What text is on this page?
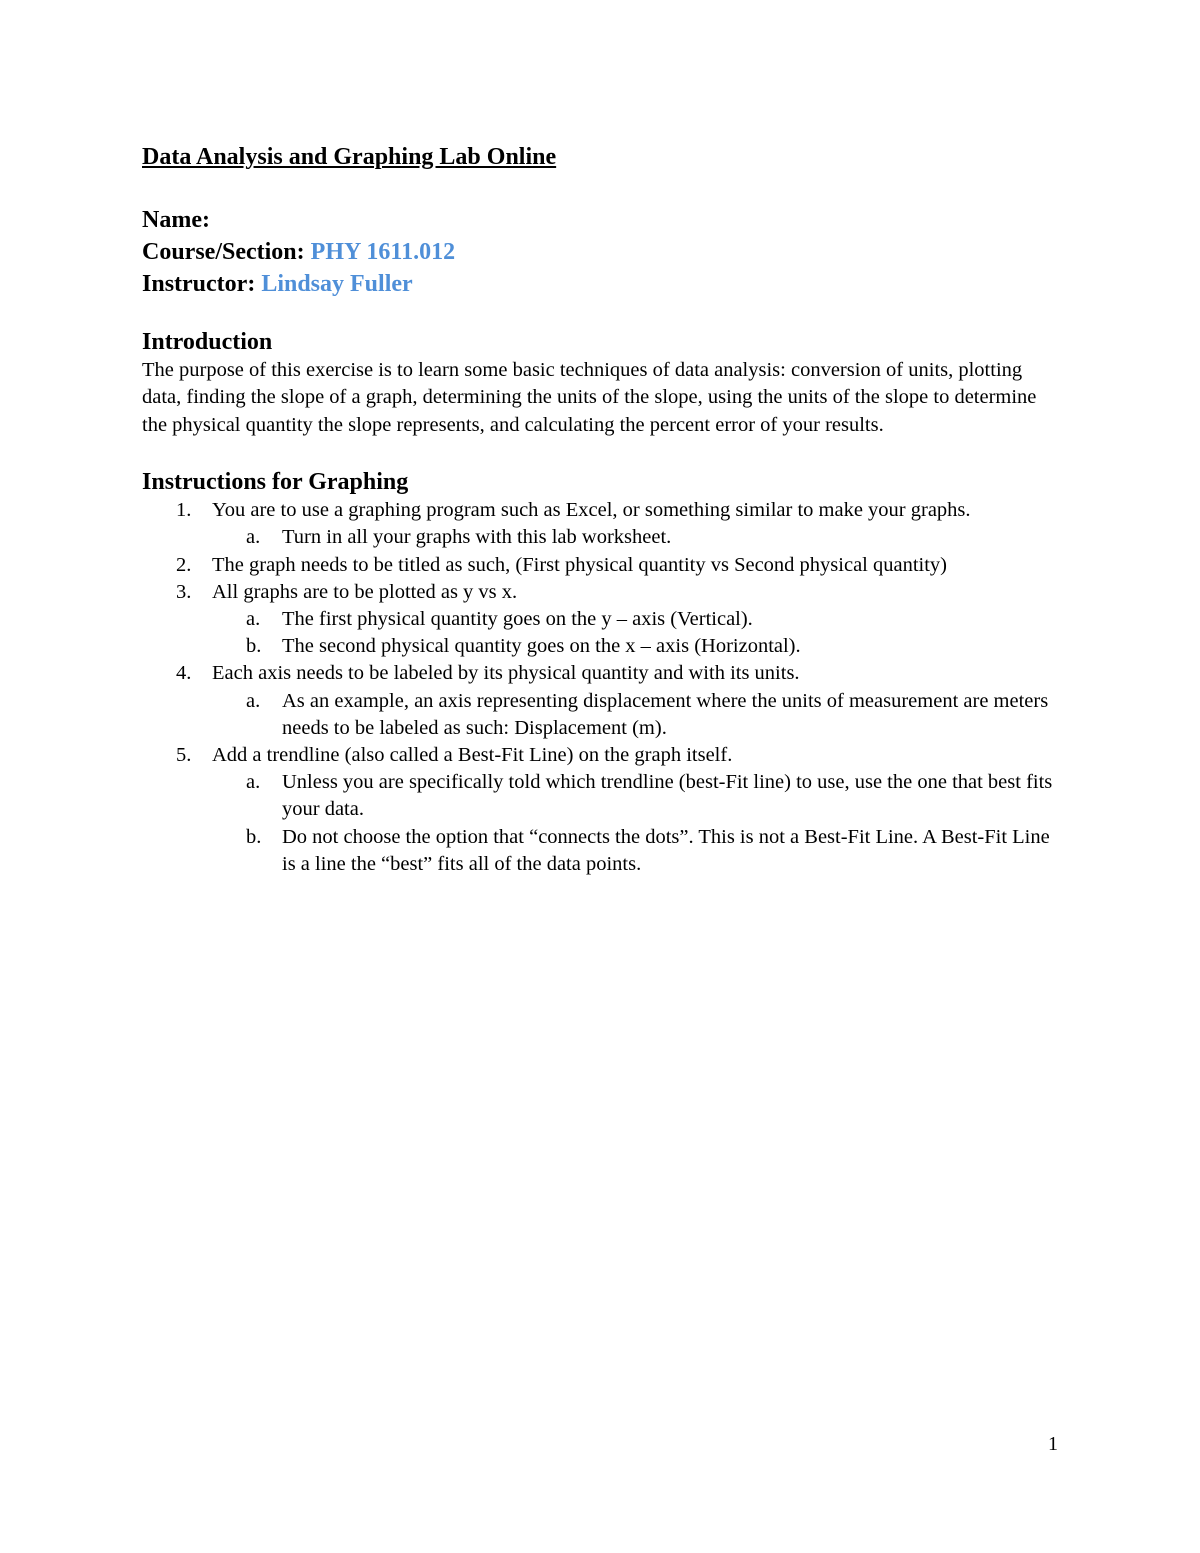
Data Analysis and Graphing Lab Online
Name:
Course/Section: PHY 1611.012
Instructor: Lindsay Fuller
Introduction

The purpose of this exercise is to learn some basic techniques of data analysis: conversion of units, plotting data, finding the slope of a graph, determining the units of the slope, using the units of the slope to determine the physical quantity the slope represents, and calculating the percent error of your results.

Instructions for Graphing
1. You are to use a graphing program such as Excel, or something similar to make your graphs.
a. Turn in all your graphs with this lab worksheet.
2. The graph needs to be titled as such, (First physical quantity vs Second physical quantity)
3. All graphs are to be plotted as y vs x.
a. The first physical quantity goes on the y – axis (Vertical).
b. The second physical quantity goes on the x – axis (Horizontal).
4. Each axis needs to be labeled by its physical quantity and with its units.
a. As an example, an axis representing displacement where the units of measurement are meters needs to be labeled as such: Displacement (m).
5. Add a trendline (also called a Best-Fit Line) on the graph itself.
a. Unless you are specifically told which trendline (best-Fit line) to use, use the one that best fits your data.
b. Do not choose the option that “connects the dots”. This is not a Best-Fit Line. A Best-Fit Line is a line the “best” fits all of the data points.
1
